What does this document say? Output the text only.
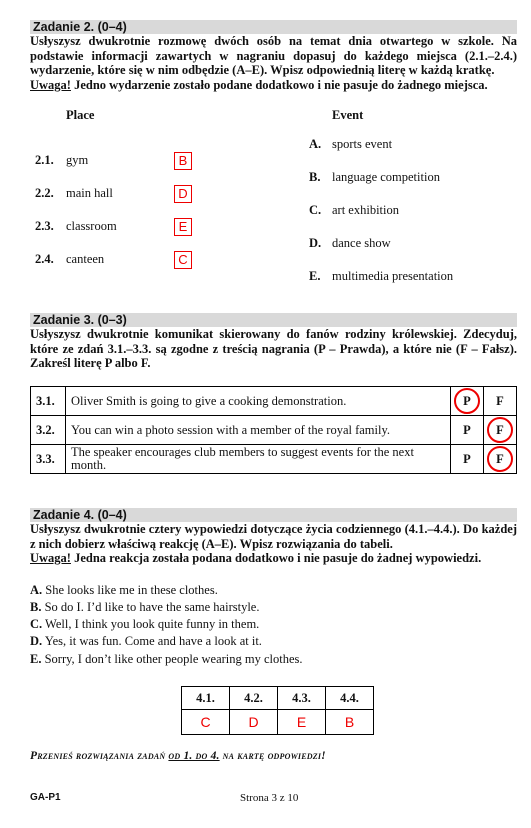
Zadanie 2. (0–4)
Usłyszysz dwukrotnie rozmowę dwóch osób na temat dnia otwartego w szkole. Na podstawie informacji zawartych w nagraniu dopasuj do każdego miejsca (2.1.–2.4.) wydarzenie, które się w nim odbędzie (A–E). Wpisz odpowiednią literę w każdą kratkę.
Uwaga! Jedno wydarzenie zostało podane dodatkowo i nie pasuje do żadnego miejsca.
Place	Event
2.1. gym	B
2.2. main hall	D
2.3. classroom	E
2.4. canteen	C
A. sports event
B. language competition
C. art exhibition
D. dance show
E. multimedia presentation
Zadanie 3. (0–3)
Usłyszysz dwukrotnie komunikat skierowany do fanów rodziny królewskiej. Zdecyduj, które ze zdań 3.1.–3.3. są zgodne z treścią nagrania (P – Prawda), a które nie (F – Fałsz). Zakreśl literę P albo F.
3.1.	Oliver Smith is going to give a cooking demonstration.	P	F
3.2.	You can win a photo session with a member of the royal family.	P	F

3.3.	The speaker encourages club members to suggest events for the next month.	P	F
Zadanie 4. (0–4)
Usłyszysz dwukrotnie cztery wypowiedzi dotyczące życia codziennego (4.1.–4.4.). Do każdej z nich dobierz właściwą reakcję (A–E). Wpisz rozwiązania do tabeli.
Uwaga! Jedna reakcja została podana dodatkowo i nie pasuje do żadnej wypowiedzi.
A. She looks like me in these clothes.
B. So do I. I’d like to have the same hairstyle.
C. Well, I think you look quite funny in them.
D. Yes, it was fun. Come and have a look at it.
E. Sorry, I don’t like other people wearing my clothes.
4.1.	4.2.	4.3.	4.4.
C	D	E	B
Przenieś rozwiązania zadań od 1. do 4. na kartę odpowiedzi!
GA-P1	Strona 3 z 10
